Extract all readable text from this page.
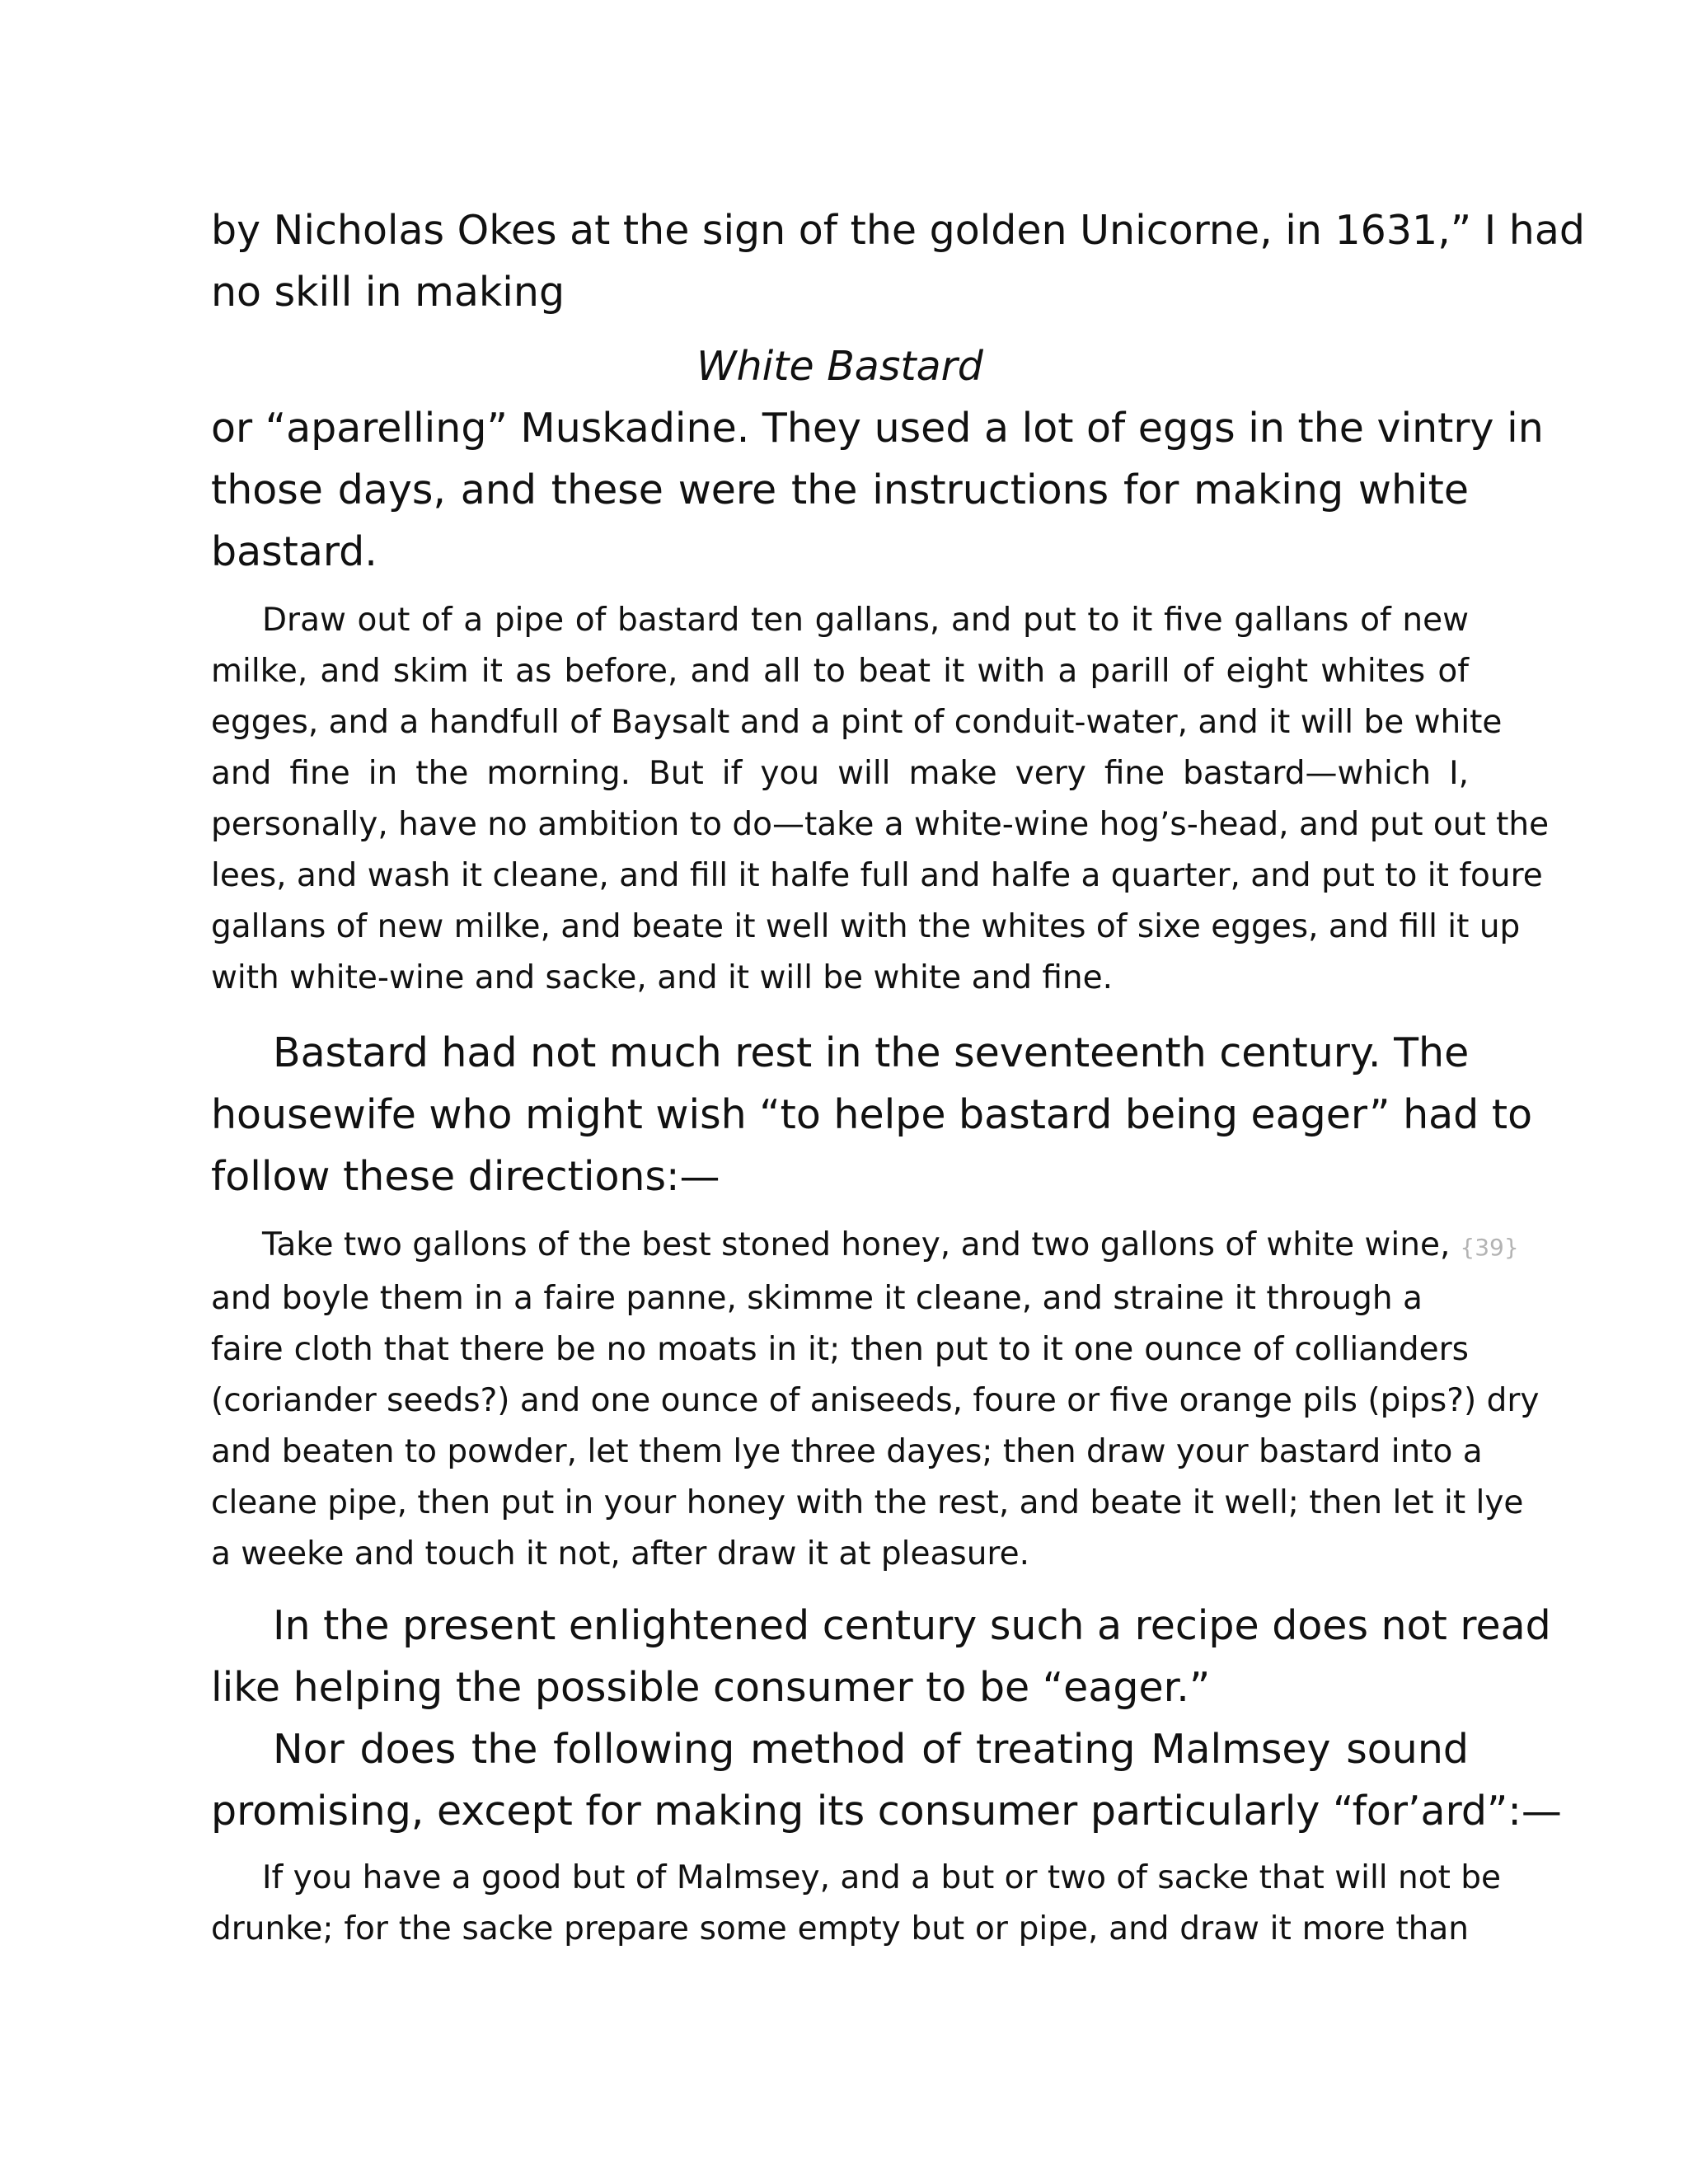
by Nicholas Okes at the sign of the golden Unicorne, in 1631,” I had
no skill in making
White Bastard
or “aparelling” Muskadine. They used a lot of eggs in the vintry in
those days, and these were the instructions for making white
bastard.
Draw out of a pipe of bastard ten gallans, and put to it five gallans of new
milke, and skim it as before, and all to beat it with a parill of eight whites of
egges, and a handfull of Baysalt and a pint of conduit-water, and it will be white
and fine in the morning. But if you will make very fine bastard—which I,
personally, have no ambition to do—take a white-wine hog’s-head, and put out the
lees, and wash it cleane, and fill it halfe full and halfe a quarter, and put to it foure
gallans of new milke, and beate it well with the whites of sixe egges, and fill it up
with white-wine and sacke, and it will be white and fine.
Bastard had not much rest in the seventeenth century. The
housewife who might wish “to helpe bastard being eager” had to
follow these directions:—
Take two gallons of the best stoned honey, and two gallons of white wine, {39}
and boyle them in a faire panne, skimme it cleane, and straine it through a
faire cloth that there be no moats in it; then put to it one ounce of collianders
(coriander seeds?) and one ounce of aniseeds, foure or five orange pils (pips?) dry
and beaten to powder, let them lye three dayes; then draw your bastard into a
cleane pipe, then put in your honey with the rest, and beate it well; then let it lye
a weeke and touch it not, after draw it at pleasure.
In the present enlightened century such a recipe does not read
like helping the possible consumer to be “eager.”
Nor does the following method of treating Malmsey sound
promising, except for making its consumer particularly “for’ard”:—
If you have a good but of Malmsey, and a but or two of sacke that will not be
drunke; for the sacke prepare some empty but or pipe, and draw it more than
